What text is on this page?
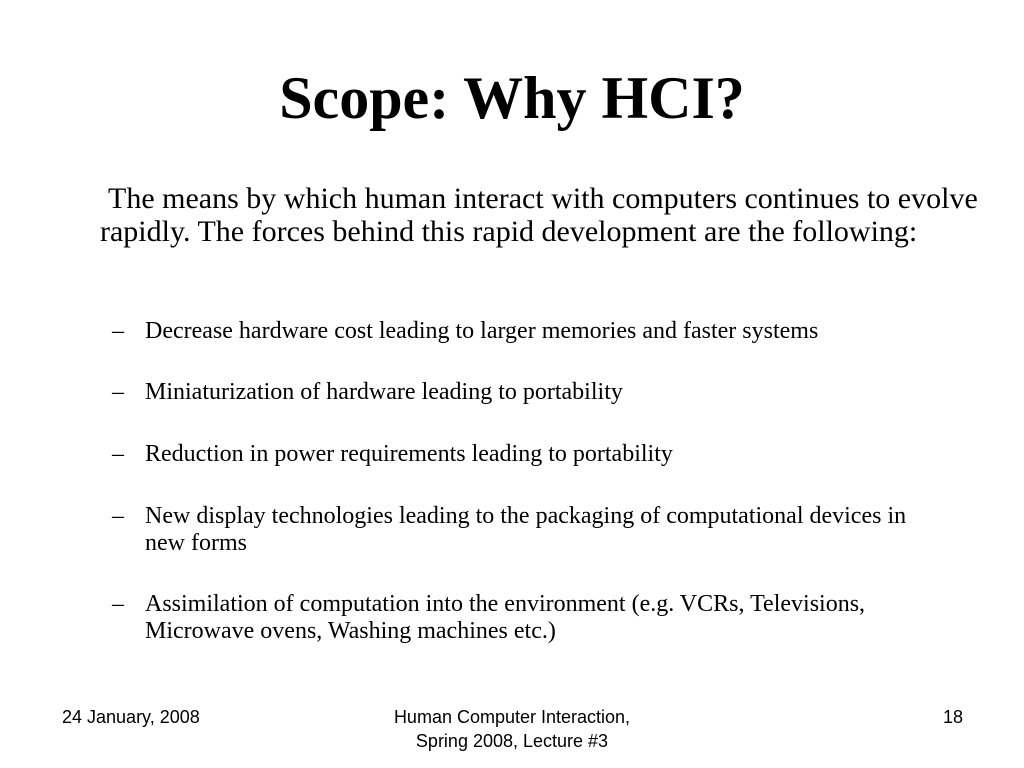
Scope: Why HCI?

The means by which human interact with computers continues to evolve rapidly. The forces behind this rapid development are the following:

– Decrease hardware cost leading to larger memories and faster systems
– Miniaturization of hardware leading to portability
– Reduction in power requirements leading to portability
– New display technologies leading to the packaging of computational devices in new forms
– Assimilation of computation into the environment (e.g. VCRs, Televisions, Microwave ovens, Washing machines etc.)
24 January, 2008	Human Computer Interaction,
Spring 2008, Lecture #3
18
